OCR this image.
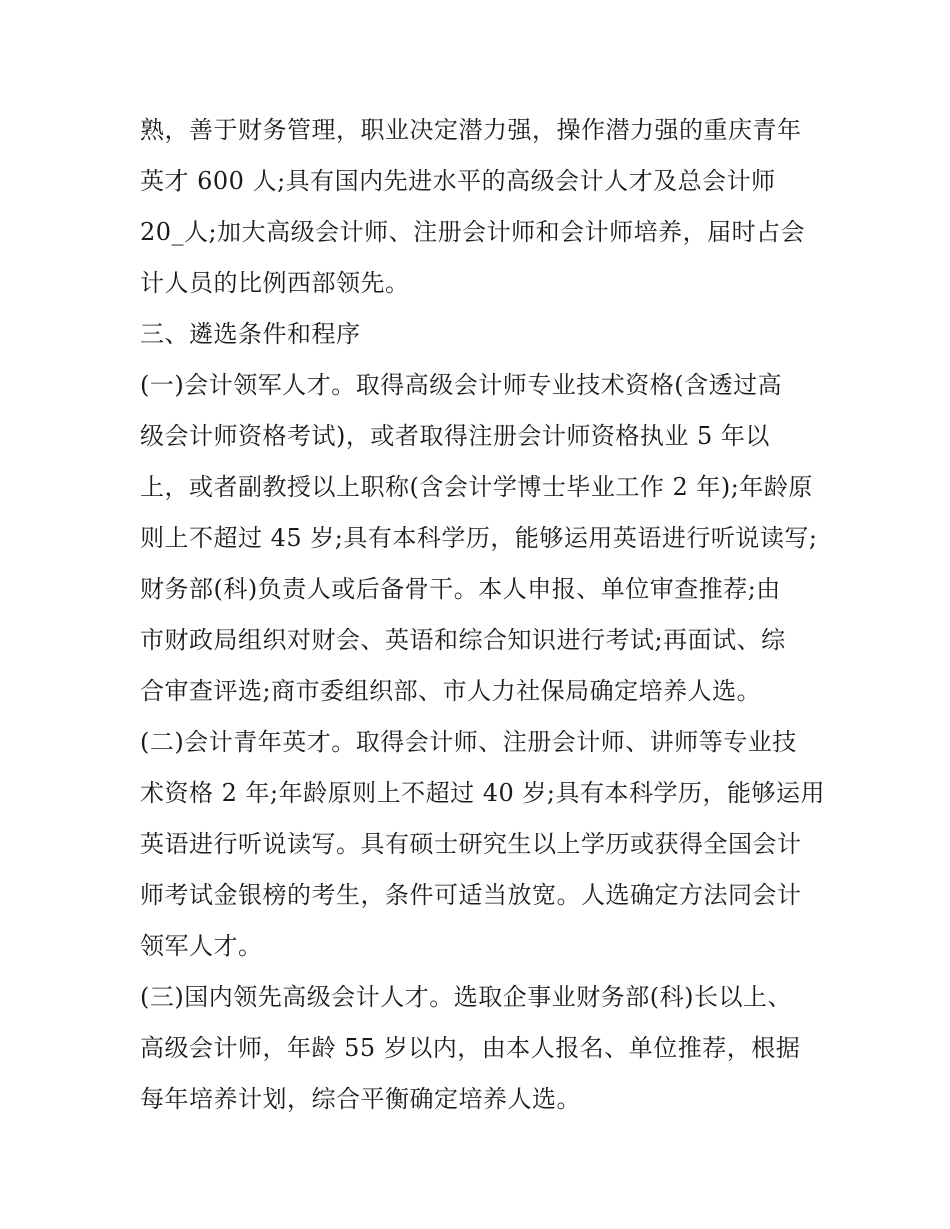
熟，善于财务管理，职业决定潜力强，操作潜力强的重庆青年
英才 600 人;具有国内先进水平的高级会计人才及总会计师
20_人;加大高级会计师、注册会计师和会计师培养，届时占会
计人员的比例西部领先。
三、遴选条件和程序
(一)会计领军人才。取得高级会计师专业技术资格(含透过高
级会计师资格考试)，或者取得注册会计师资格执业 5 年以
上，或者副教授以上职称(含会计学博士毕业工作 2 年);年龄原
则上不超过 45 岁;具有本科学历，能够运用英语进行听说读写;
财务部(科)负责人或后备骨干。本人申报、单位审查推荐;由
市财政局组织对财会、英语和综合知识进行考试;再面试、综
合审查评选;商市委组织部、市人力社保局确定培养人选。
(二)会计青年英才。取得会计师、注册会计师、讲师等专业技
术资格 2 年;年龄原则上不超过 40 岁;具有本科学历，能够运用
英语进行听说读写。具有硕士研究生以上学历或获得全国会计
师考试金银榜的考生，条件可适当放宽。人选确定方法同会计
领军人才。
(三)国内领先高级会计人才。选取企事业财务部(科)长以上、
高级会计师，年龄 55 岁以内，由本人报名、单位推荐，根据
每年培养计划，综合平衡确定培养人选。
